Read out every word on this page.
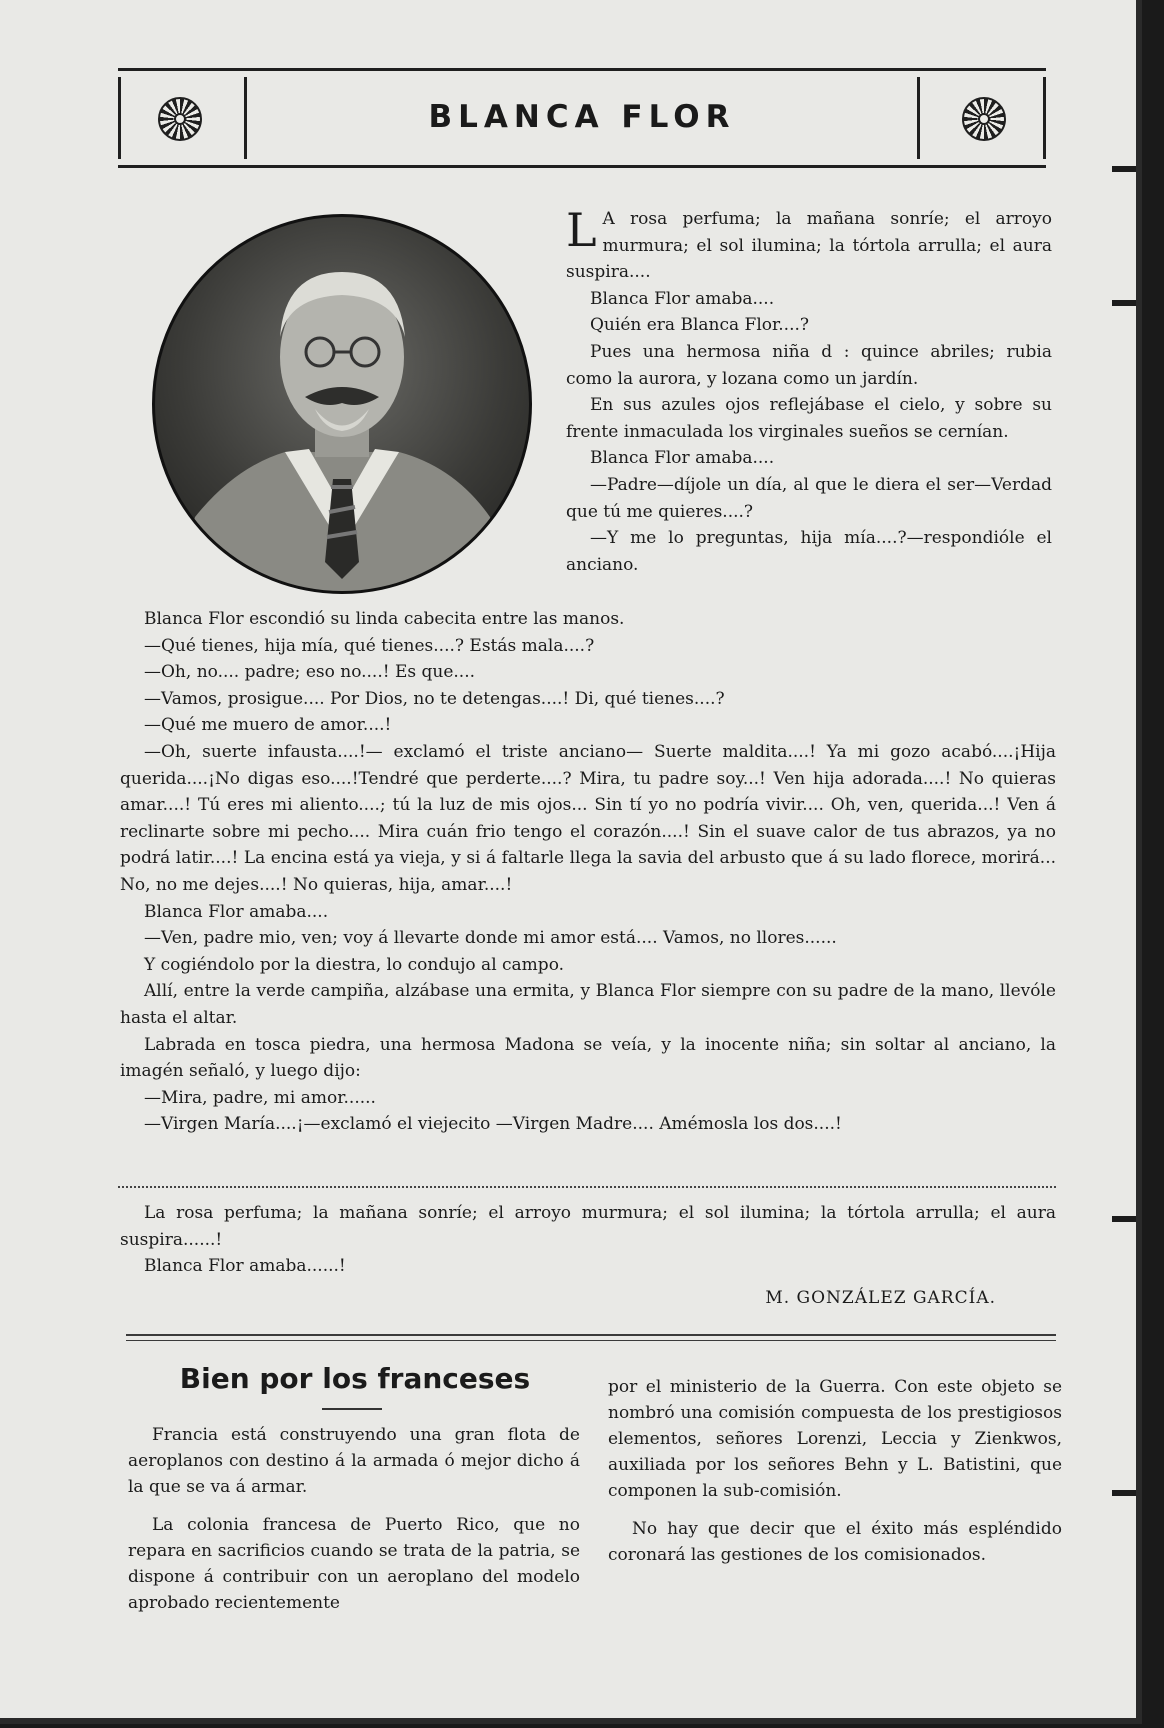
BLANCA FLOR

L A rosa perfuma; la mañana sonríe; el arroyo murmura; el sol ilumina; la tórtola arrulla; el aura suspira....

Blanca Flor amaba....

Quién era Blanca Flor....?

Pues una hermosa niña d : quince abriles; rubia como la aurora, y lozana como un jardín.

En sus azules ojos reflejábase el cielo, y sobre su frente inmaculada los virginales sueños se cernían.

Blanca Flor amaba....

—Padre—díjole un día, al que le diera el ser—Verdad que tú me quieres....?

—Y me lo preguntas, hija mía....?—respondióle el anciano.

Blanca Flor escondió su linda cabecita entre las manos.

—Qué tienes, hija mía, qué tienes....? Estás mala....?

—Oh, no.... padre; eso no....! Es que....

—Vamos, prosigue.... Por Dios, no te detengas....! Di, qué tienes....?

—Qué me muero de amor....!

—Oh, suerte infausta....!— exclamó el triste anciano— Suerte maldita....! Ya mi gozo acabó....¡Hija querida....¡No digas eso....!Tendré que perderte....? Mira, tu padre soy...! Ven hija adorada....! No quieras amar....! Tú eres mi aliento....; tú la luz de mis ojos... Sin tí yo no podría vivir.... Oh, ven, querida...! Ven á reclinarte sobre mi pecho.... Mira cuán frio tengo el corazón....! Sin el suave calor de tus abrazos, ya no podrá latir....! La encina está ya vieja, y si á faltarle llega la savia del arbusto que á su lado florece, morirá... No, no me dejes....! No quieras, hija, amar....!

Blanca Flor amaba....

—Ven, padre mio, ven; voy á llevarte donde mi amor está.... Vamos, no llores......

Y cogiéndolo por la diestra, lo condujo al campo.

Allí, entre la verde campiña, alzábase una ermita, y Blanca Flor siempre con su padre de la mano, llevóle hasta el altar.

Labrada en tosca piedra, una hermosa Madona se veía, y la inocente niña; sin soltar al anciano, la imagén señaló, y luego dijo:

—Mira, padre, mi amor......

—Virgen María....¡—exclamó el viejecito —Virgen Madre.... Amémosla los dos....!

La rosa perfuma; la mañana sonríe; el arroyo murmura; el sol ilumina; la tórtola arrulla; el aura suspira......!

Blanca Flor amaba......!

M. GONZÁLEZ GARCÍA.
Bien por los franceses

Francia está construyendo una gran flota de aeroplanos con destino á la armada ó mejor dicho á la que se va á armar.

La colonia francesa de Puerto Rico, que no repara en sacrificios cuando se trata de la patria, se dispone á contribuir con un aeroplano del modelo aprobado recientemente

por el ministerio de la Guerra. Con este objeto se nombró una comisión compuesta de los prestigiosos elementos, señores Lorenzi, Leccia y Zienkwos, auxiliada por los señores Behn y L. Batistini, que componen la sub-comisión.

No hay que decir que el éxito más espléndido coronará las gestiones de los comisionados.
